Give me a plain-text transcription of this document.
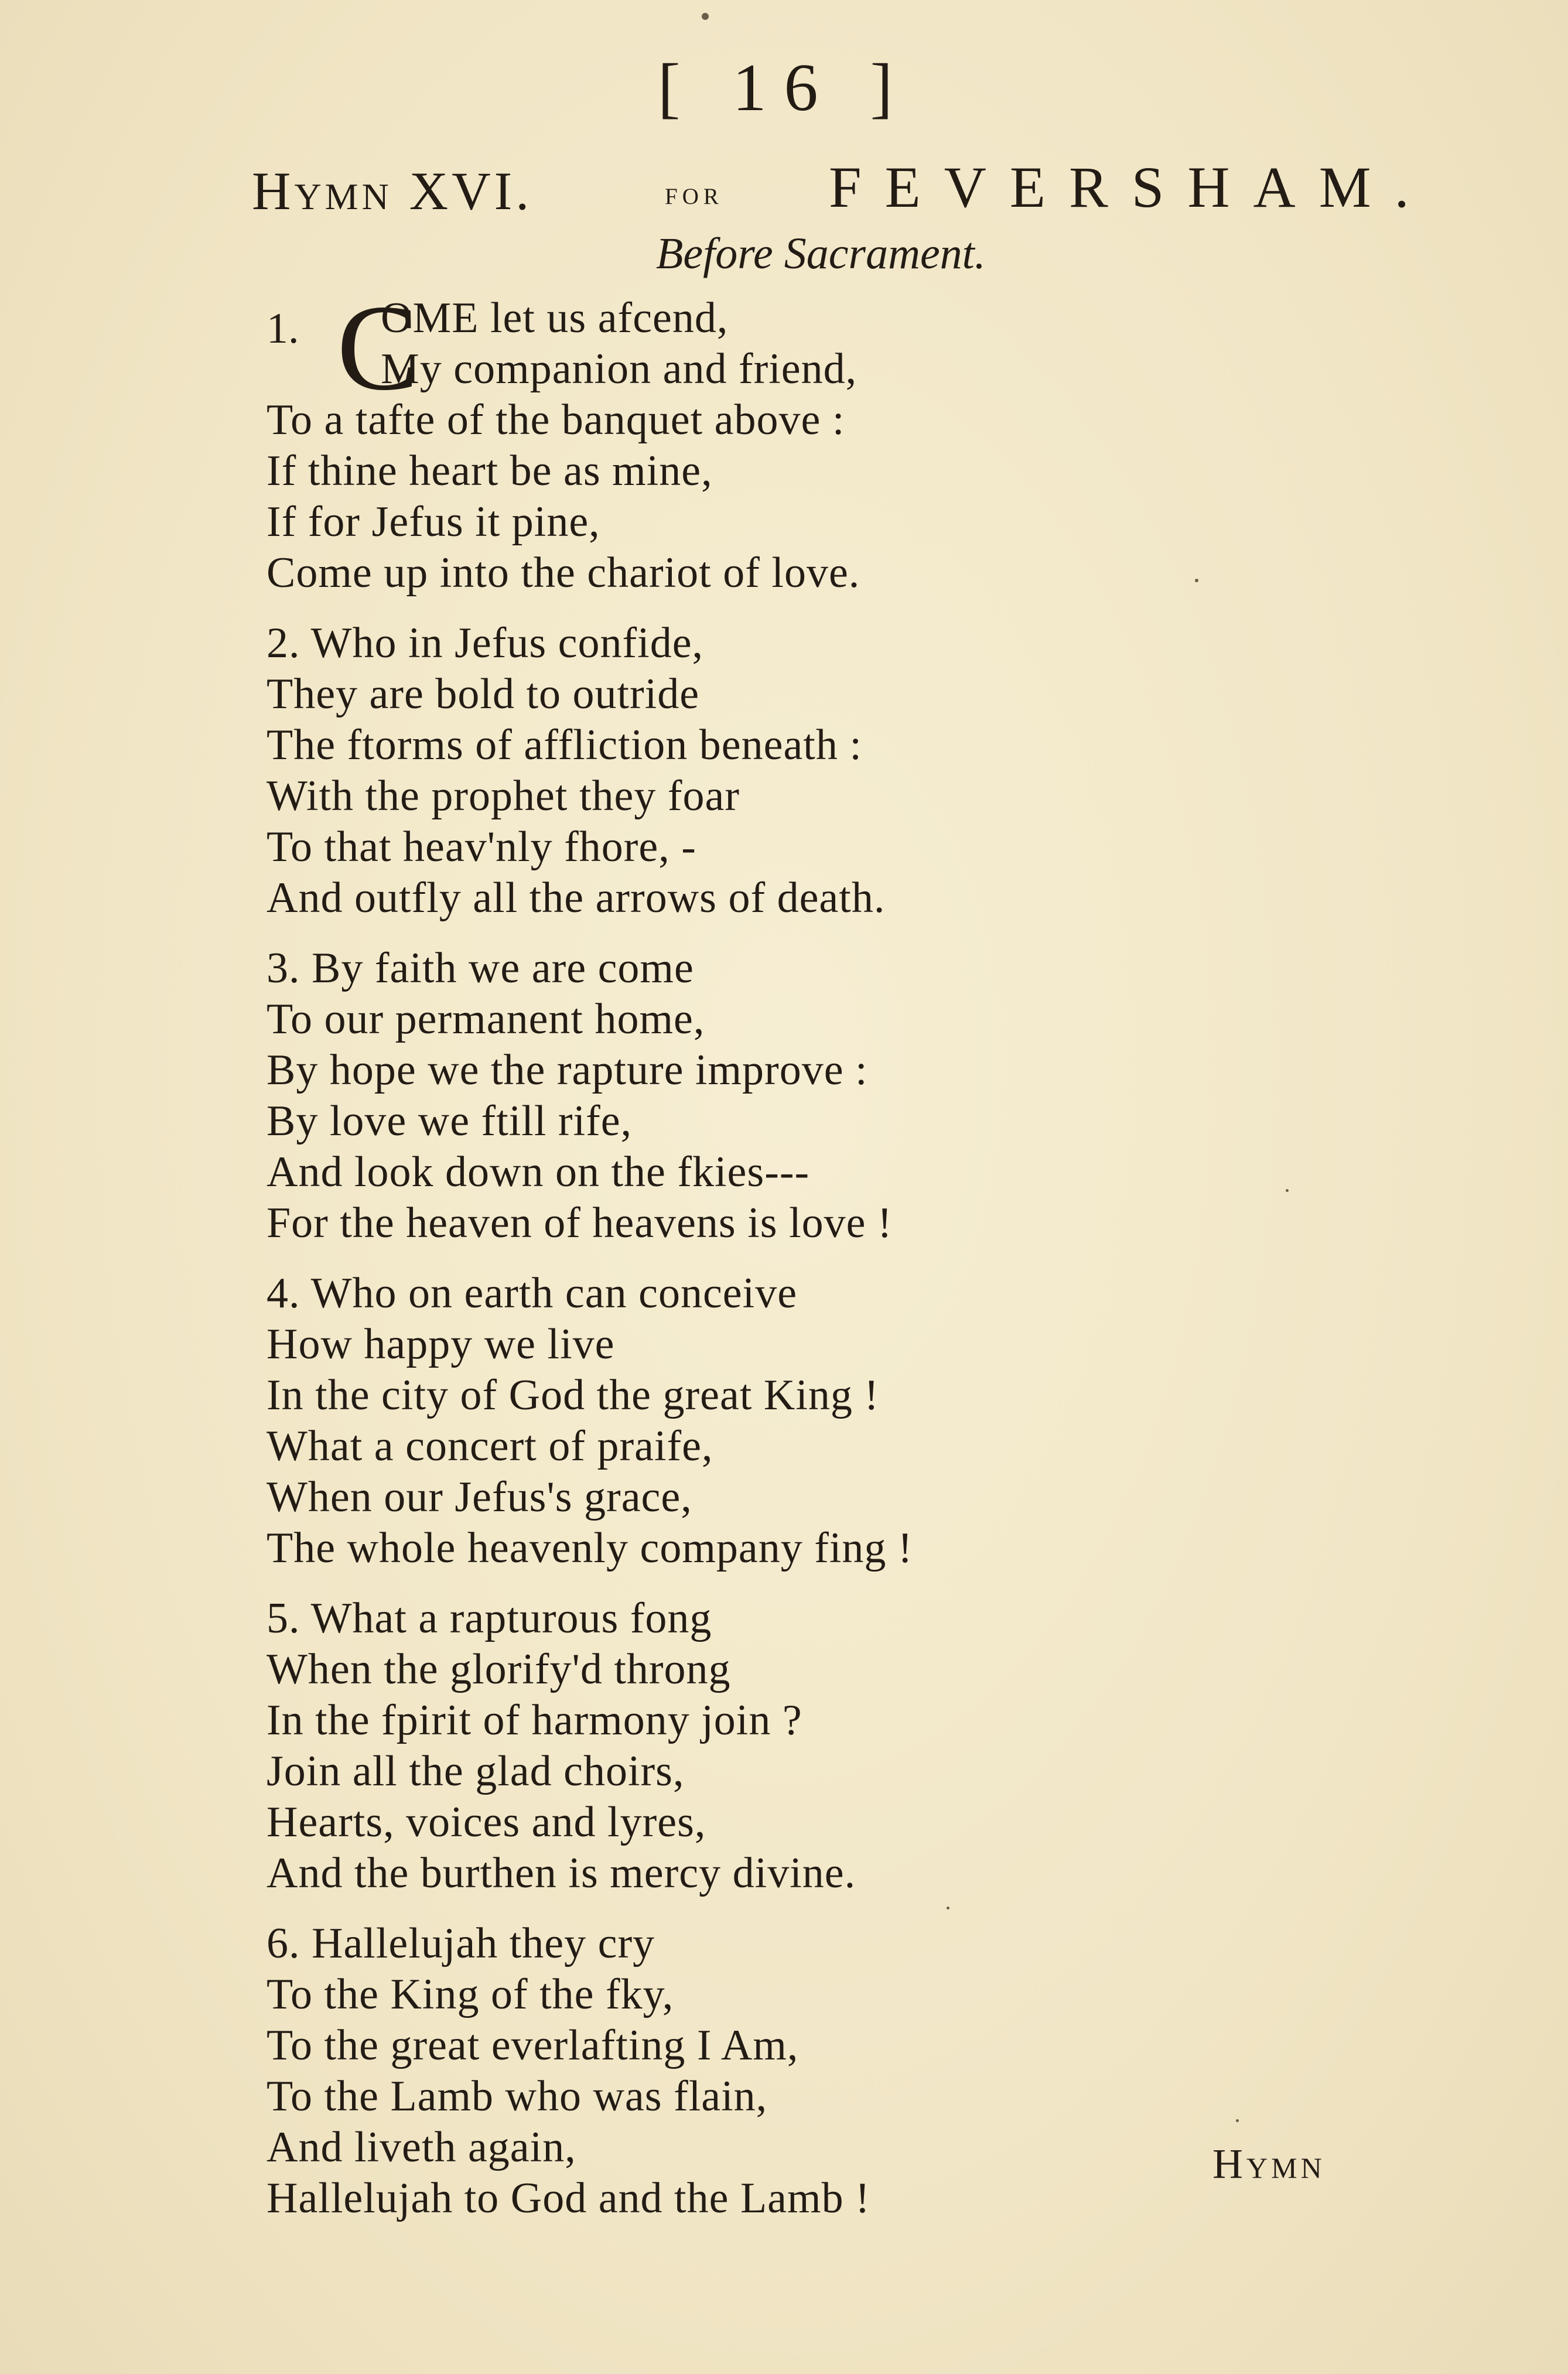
[ 16 ]
Hymn XVI.	for FEVERSHAM.
Before Sacrament.
1. C
OME let us afcend,
My companion and friend,
To a tafte of the banquet above :
If thine heart be as mine,
If for Jefus it pine,
Come up into the chariot of love.
2. Who in Jefus confide,
They are bold to outride
The ftorms of affliction beneath :
With the prophet they foar
To that heav'nly fhore, -
And outfly all the arrows of death.
3. By faith we are come
To our permanent home,
By hope we the rapture improve :
By love we ftill rife,
And look down on the fkies---
For the heaven of heavens is love !
4. Who on earth can conceive
How happy we live
In the city of God the great King !
What a concert of praife,
When our Jefus's grace,
The whole heavenly company fing !
5. What a rapturous fong
When the glorify'd throng
In the fpirit of harmony join ?
Join all the glad choirs,
Hearts, voices and lyres,
And the burthen is mercy divine.
6. Hallelujah they cry
To the King of the fky,
To the great everlafting I Am,
To the Lamb who was flain,
And liveth again,
Hallelujah to God and the Lamb !
Hymn
